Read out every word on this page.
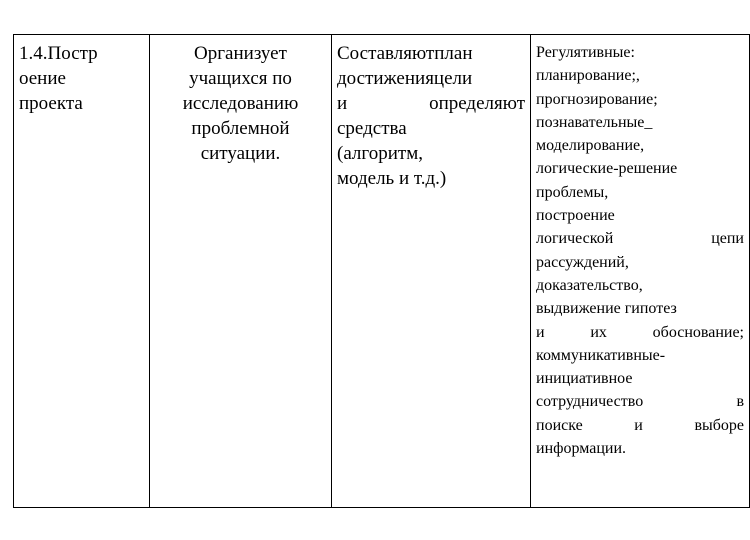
1.4.Постр
оение
проекта

Организует
учащихся по
исследованию
проблемной
ситуации.

Составляютплан
достиженияцели
и определяют
средства
(алгоритм,
модель и т.д.)

Регулятивные:
планирование;,
прогнозирование;
познавательные_
моделирование,
логические-решение
проблемы,
построение
логической цепи
рассуждений,
доказательство,
выдвижение гипотез
и их обоснование;
коммуникативные-
инициативное
сотрудничество в
поиске и выборе
информации.
